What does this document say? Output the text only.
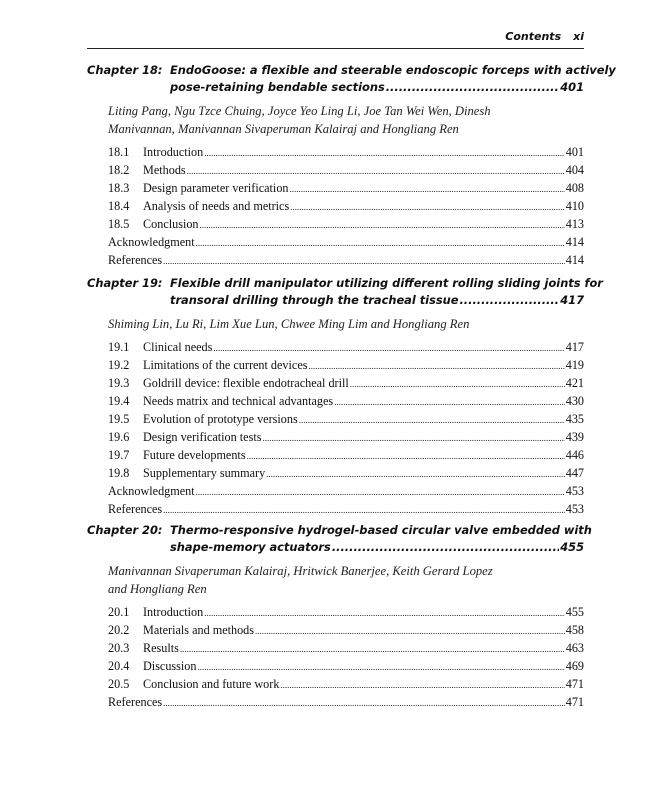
Contents xi
Chapter 18: EndoGoose: a flexible and steerable endoscopic forceps with actively
pose-retaining bendable sections .....	401
Liting Pang, Ngu Tzce Chuing, Joyce Yeo Ling Li, Joe Tan Wei Wen, Dinesh
Manivannan, Manivannan Sivaperuman Kalairaj and Hongliang Ren
18.1	Introduction .....	401
18.2	Methods .....	404
18.3	Design parameter verification .....	408
18.4	Analysis of needs and metrics .....	410
18.5	Conclusion .....	413
Acknowledgment .....	414
References .....	414
Chapter 19: Flexible drill manipulator utilizing different rolling sliding joints for
transoral drilling through the tracheal tissue .....	417
Shiming Lin, Lu Ri, Lim Xue Lun, Chwee Ming Lim and Hongliang Ren
19.1	Clinical needs .....	417
19.2	Limitations of the current devices .....	419
19.3	Goldrill device: flexible endotracheal drill .....	421
19.4	Needs matrix and technical advantages .....	430
19.5	Evolution of prototype versions .....	435
19.6	Design verification tests .....	439
19.7	Future developments .....	446
19.8	Supplementary summary .....	447
Acknowledgment .....	453
References .....	453
Chapter 20: Thermo-responsive hydrogel-based circular valve embedded with
shape-memory actuators .....	455
Manivannan Sivaperuman Kalairaj, Hritwick Banerjee, Keith Gerard Lopez
and Hongliang Ren
20.1	Introduction .....	455
20.2	Materials and methods .....	458
20.3	Results .....	463
20.4	Discussion .....	469
20.5	Conclusion and future work .....	471
References .....	471
